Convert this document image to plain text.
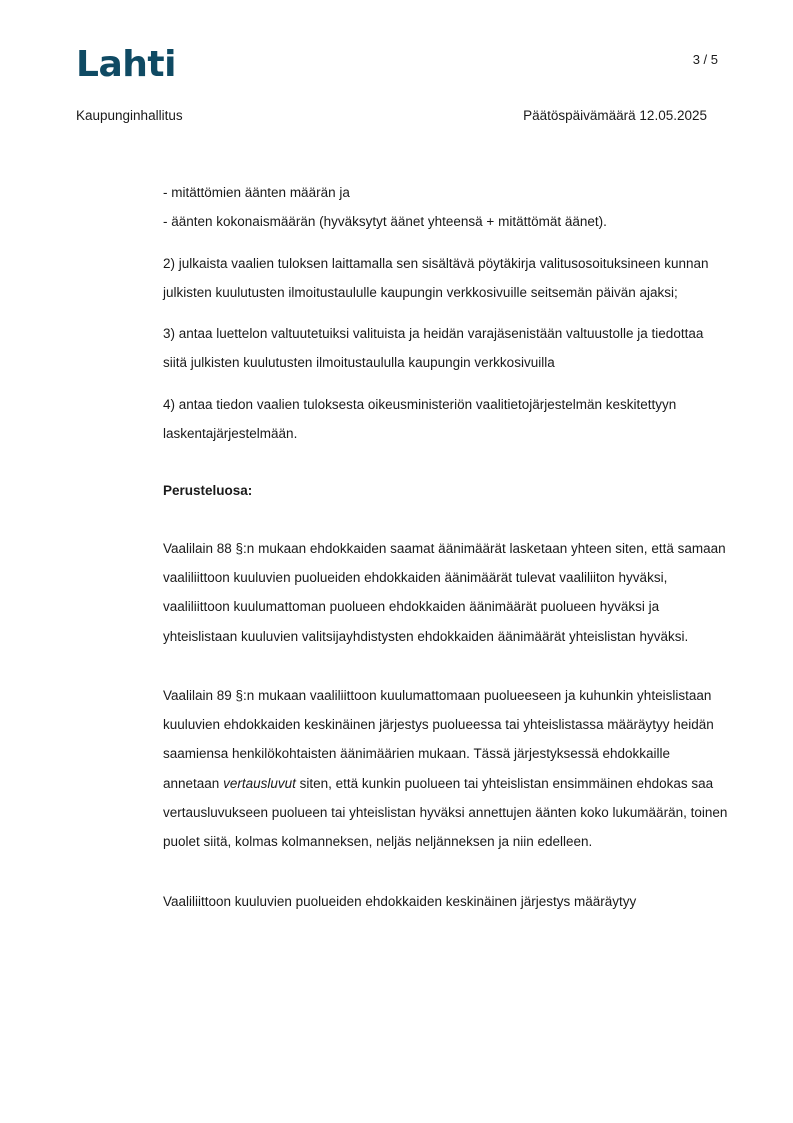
Lahti	3 / 5
Kaupunginhallitus	Päätöspäivämäärä 12.05.2025

- mitättömien äänten määrän ja

- äänten kokonaismäärän (hyväksytyt äänet yhteensä + mitättömät äänet).

2) julkaista vaalien tuloksen laittamalla sen sisältävä pöytäkirja valitusosoituksineen kunnan julkisten kuulutusten ilmoitustaululle kaupungin verkkosivuille seitsemän päivän ajaksi;

3) antaa luettelon valtuutetuiksi valituista ja heidän varajäsenistään valtuustolle ja tiedottaa siitä julkisten kuulutusten ilmoitustaululla kaupungin verkkosivuilla

4) antaa tiedon vaalien tuloksesta oikeusministeriön vaalitietojärjestelmän keskitettyyn laskentajärjestelmään.

Perusteluosa:

Vaalilain 88 §:n mukaan ehdokkaiden saamat äänimäärät lasketaan yhteen siten, että samaan vaaliliittoon kuuluvien puolueiden ehdokkaiden äänimäärät tulevat vaaliliiton hyväksi, vaaliliittoon kuulumattoman puolueen ehdokkaiden äänimäärät puolueen hyväksi ja yhteislistaan kuuluvien valitsijayhdistysten ehdokkaiden äänimäärät yhteislistan hyväksi.

Vaalilain 89 §:n mukaan vaaliliittoon kuulumattomaan puolueeseen ja kuhunkin yhteislistaan kuuluvien ehdokkaiden keskinäinen järjestys puolueessa tai yhteislistassa määräytyy heidän saamiensa henkilökohtaisten äänimäärien mukaan. Tässä järjestyksessä ehdokkaille annetaan vertausluvut siten, että kunkin puolueen tai yhteislistan ensimmäinen ehdokas saa vertausluvukseen puolueen tai yhteislistan hyväksi annettujen äänten koko lukumäärän, toinen puolet siitä, kolmas kolmanneksen, neljäs neljänneksen ja niin edelleen.

Vaaliliittoon kuuluvien puolueiden ehdokkaiden keskinäinen järjestys määräytyy
